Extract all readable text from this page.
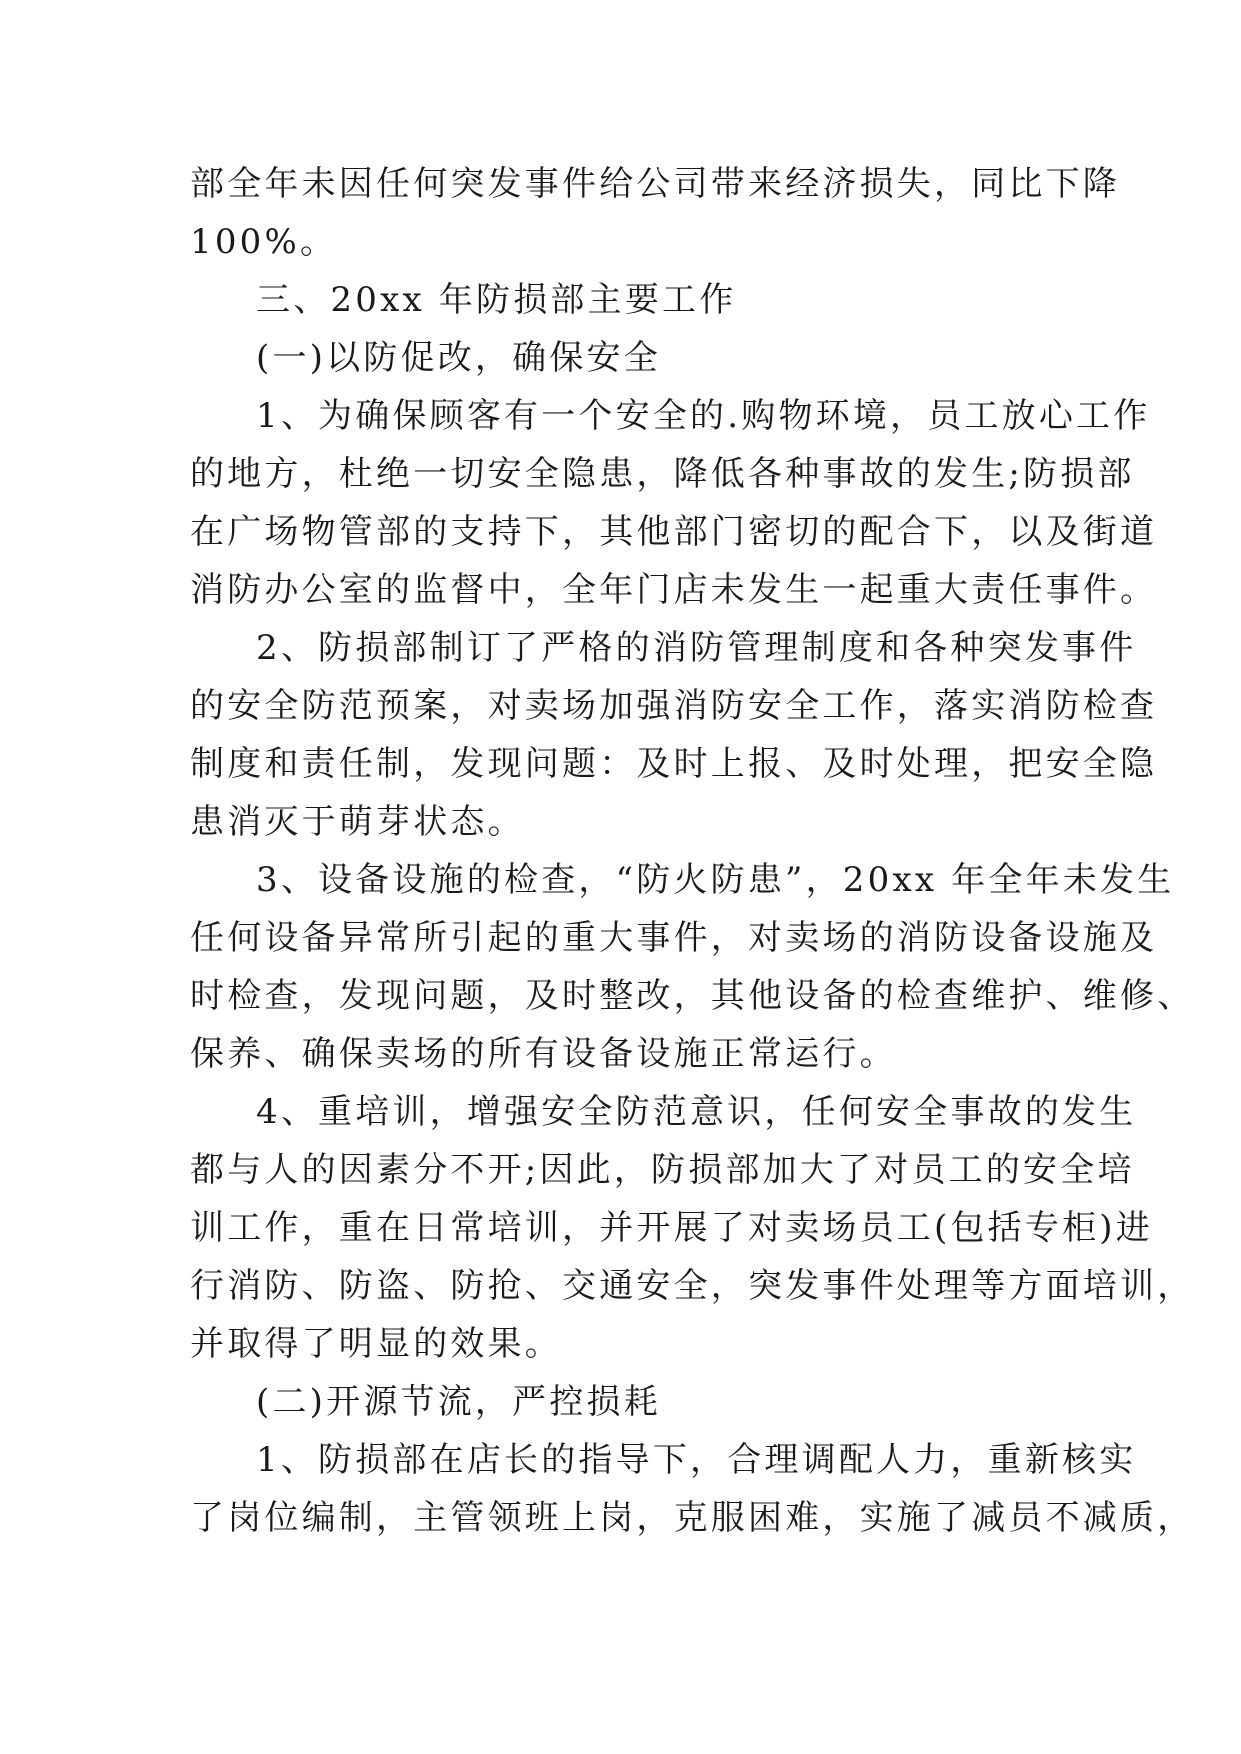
部全年未因任何突发事件给公司带来经济损失，同比下降
100%。
三、20xx 年防损部主要工作
(一)以防促改，确保安全
1、为确保顾客有一个安全的.购物环境，员工放心工作
的地方，杜绝一切安全隐患，降低各种事故的发生;防损部
在广场物管部的支持下，其他部门密切的配合下，以及街道
消防办公室的监督中，全年门店未发生一起重大责任事件。
2、防损部制订了严格的消防管理制度和各种突发事件
的安全防范预案，对卖场加强消防安全工作，落实消防检查
制度和责任制，发现问题：及时上报、及时处理，把安全隐
患消灭于萌芽状态。
3、设备设施的检查，“防火防患”，20xx 年全年未发生
任何设备异常所引起的重大事件，对卖场的消防设备设施及
时检查，发现问题，及时整改，其他设备的检查维护、维修、
保养、确保卖场的所有设备设施正常运行。
4、重培训，增强安全防范意识，任何安全事故的发生
都与人的因素分不开;因此，防损部加大了对员工的安全培
训工作，重在日常培训，并开展了对卖场员工(包括专柜)进
行消防、防盗、防抢、交通安全，突发事件处理等方面培训，
并取得了明显的效果。
(二)开源节流，严控损耗
1、防损部在店长的指导下，合理调配人力，重新核实
了岗位编制，主管领班上岗，克服困难，实施了减员不减质，
